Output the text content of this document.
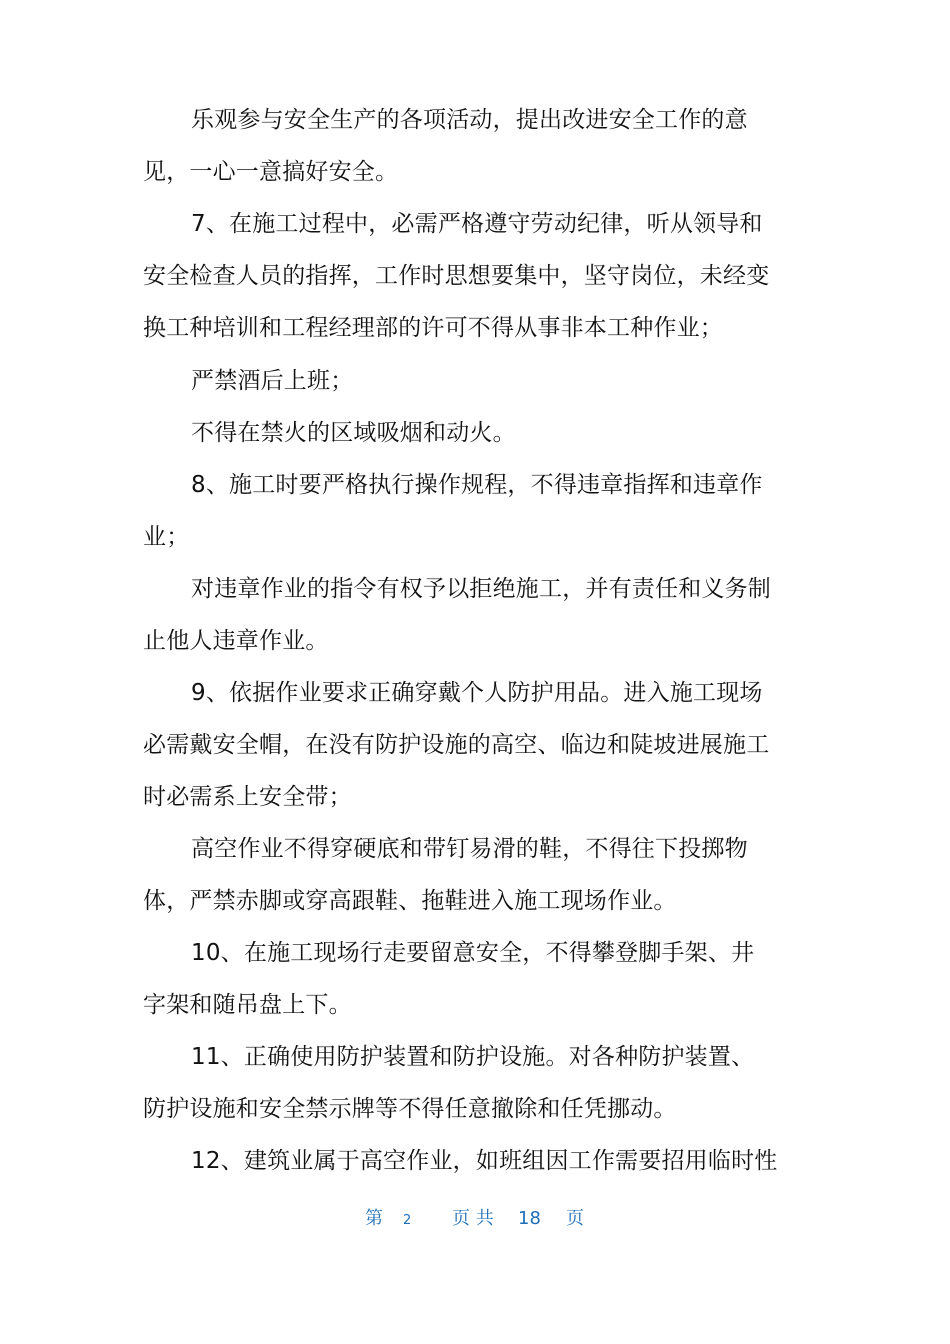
乐观参与安全生产的各项活动，提出改进安全工作的意
见，一心一意搞好安全。
7、在施工过程中，必需严格遵守劳动纪律，听从领导和
安全检查人员的指挥，工作时思想要集中，坚守岗位，未经变
换工种培训和工程经理部的许可不得从事非本工种作业；
严禁酒后上班；
不得在禁火的区域吸烟和动火。
8、施工时要严格执行操作规程，不得违章指挥和违章作
业；
对违章作业的指令有权予以拒绝施工，并有责任和义务制
止他人违章作业。
9、依据作业要求正确穿戴个人防护用品。进入施工现场
必需戴安全帽，在没有防护设施的高空、临边和陡坡进展施工
时必需系上安全带；
高空作业不得穿硬底和带钉易滑的鞋，不得往下投掷物
体，严禁赤脚或穿高跟鞋、拖鞋进入施工现场作业。
10、在施工现场行走要留意安全，不得攀登脚手架、井
字架和随吊盘上下。
11、正确使用防护装置和防护设施。对各种防护装置、
防护设施和安全禁示牌等不得任意撤除和任凭挪动。
12、建筑业属于高空作业，如班组因工作需要招用临时性
第 2 页 共 18 页
